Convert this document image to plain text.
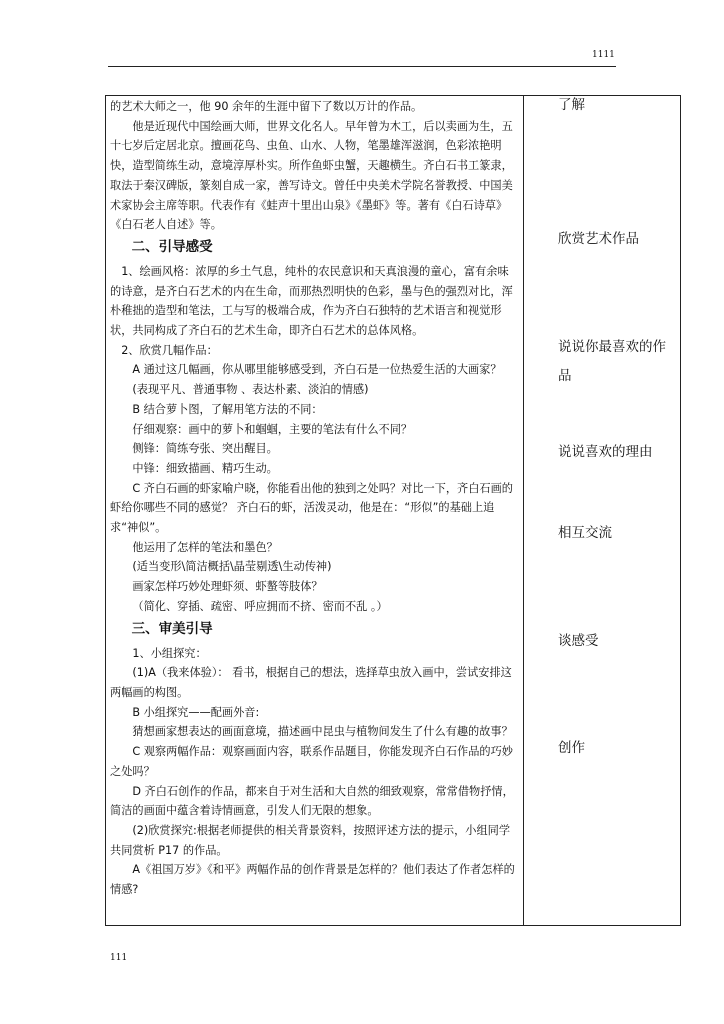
1111

的艺术大师之一，他 90 余年的生涯中留下了数以万计的作品。

他是近现代中国绘画大师，世界文化名人。早年曾为木工，后以卖画为生，五十七岁后定居北京。擅画花鸟、虫鱼、山水、人物，笔墨雄浑滋润，色彩浓艳明快，造型简练生动，意境淳厚朴实。所作鱼虾虫蟹，天趣横生。齐白石书工篆隶，取法于秦汉碑版，篆刻自成一家，善写诗文。曾任中央美术学院名誉教授、中国美术家协会主席等职。代表作有《蛙声十里出山泉》《墨虾》等。著有《白石诗草》《白石老人自述》等。

二、引导感受

1、绘画风格：浓厚的乡土气息，纯朴的农民意识和天真浪漫的童心，富有余味的诗意，是齐白石艺术的内在生命，而那热烈明快的色彩，墨与色的强烈对比，浑朴稚拙的造型和笔法，工与写的极端合成，作为齐白石独特的艺术语言和视觉形状，共同构成了齐白石的艺术生命，即齐白石艺术的总体风格。

2、欣赏几幅作品：

A 通过这几幅画，你从哪里能够感受到，齐白石是一位热爱生活的大画家？

(表现平凡、普通事物 、表达朴素、淡泊的情感)

B 结合萝卜图，了解用笔方法的不同：

仔细观察：画中的萝卜和蝈蝈，主要的笔法有什么不同？

侧锋：简练夸张、突出醒目。

中锋：细致描画、精巧生动。

C 齐白石画的虾家喻户晓，你能看出他的独到之处吗？对比一下，齐白石画的虾给你哪些不同的感觉？ 齐白石的虾，活泼灵动，他是在：“形似”的基础上追求“神似”。

他运用了怎样的笔法和墨色？

(适当变形\简洁概括\晶莹剔透\生动传神)

画家怎样巧妙处理虾须、虾螯等肢体？

（简化、穿插、疏密、呼应拥而不挤、密而不乱 。）

三、审美引导

1、小组探究：

(1)A（我来体验）： 看书，根据自己的想法，选择草虫放入画中，尝试安排这两幅画的构图。

B 小组探究——配画外音:

猜想画家想表达的画面意境，描述画中昆虫与植物间发生了什么有趣的故事？

C 观察两幅作品：观察画面内容，联系作品题目，你能发现齐白石作品的巧妙之处吗？

D 齐白石创作的作品，都来自于对生活和大自然的细致观察，常常借物抒情，简洁的画面中蕴含着诗情画意，引发人们无限的想象。

(2)欣赏探究:根据老师提供的相关背景资料，按照评述方法的提示，小组同学共同赏析 P17 的作品。

A《祖国万岁》《和平》两幅作品的创作背景是怎样的？他们表达了作者怎样的情感?

了解
欣赏艺术作品
说说你最喜欢的作品
说说喜欢的理由
相互交流
谈感受
创作
111
